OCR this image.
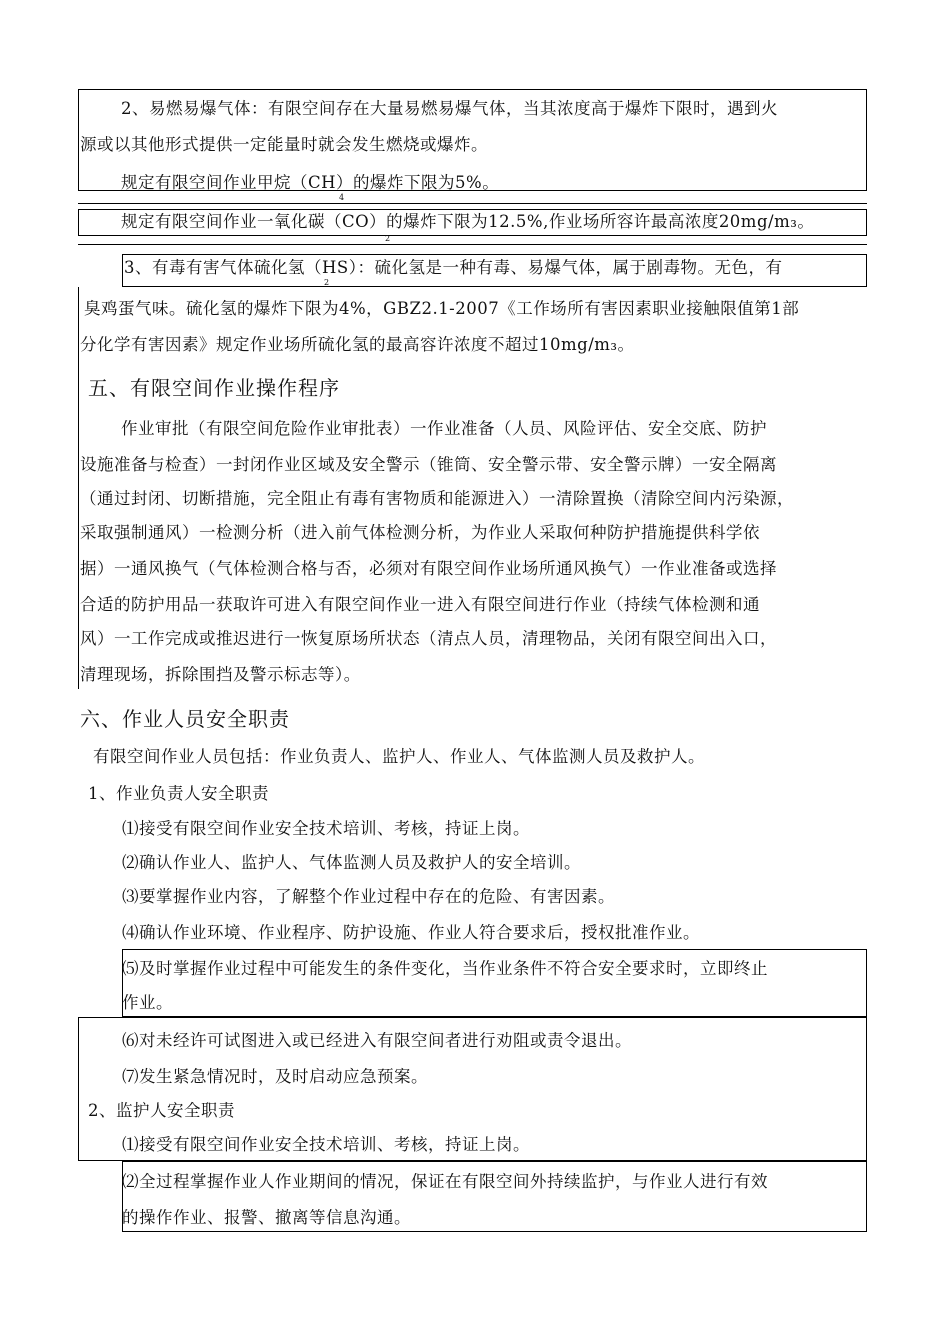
2、易燃易爆气体：有限空间存在大量易燃易爆气体，当其浓度高于爆炸下限时，遇到火
源或以其他形式提供一定能量时就会发生燃烧或爆炸。
规定有限空间作业甲烷（CH）的爆炸下限为5%。
4
规定有限空间作业一氧化碳（CO）的爆炸下限为12.5%,作业场所容许最高浓度20mg/m₃。
2
3、有毒有害气体硫化氢（HS）：硫化氢是一种有毒、易爆气体，属于剧毒物。无色，有
2
臭鸡蛋气味。硫化氢的爆炸下限为4%，GBZ2.1-2007《工作场所有害因素职业接触限值第1部
分化学有害因素》规定作业场所硫化氢的最高容许浓度不超过10mg/m₃。
五、有限空间作业操作程序
作业审批（有限空间危险作业审批表）一作业准备（人员、风险评估、安全交底、防护
设施准备与检查）一封闭作业区域及安全警示（锥筒、安全警示带、安全警示牌）一安全隔离
（通过封闭、切断措施，完全阻止有毒有害物质和能源进入）一清除置换（清除空间内污染源，
采取强制通风）一检测分析（进入前气体检测分析，为作业人采取何种防护措施提供科学依
据）一通风换气（气体检测合格与否，必须对有限空间作业场所通风换气）一作业准备或选择
合适的防护用品一获取许可进入有限空间作业一进入有限空间进行作业（持续气体检测和通
风）一工作完成或推迟进行一恢复原场所状态（清点人员，清理物品，关闭有限空间出入口，
清理现场，拆除围挡及警示标志等）。
六、作业人员安全职责
有限空间作业人员包括：作业负责人、监护人、作业人、气体监测人员及救护人。
1、作业负责人安全职责
⑴接受有限空间作业安全技术培训、考核，持证上岗。
⑵确认作业人、监护人、气体监测人员及救护人的安全培训。
⑶要掌握作业内容，了解整个作业过程中存在的危险、有害因素。
⑷确认作业环境、作业程序、防护设施、作业人符合要求后，授权批准作业。
⑸及时掌握作业过程中可能发生的条件变化，当作业条件不符合安全要求时，立即终止
作业。
⑹对未经许可试图进入或已经进入有限空间者进行劝阻或责令退出。
⑺发生紧急情况时，及时启动应急预案。
2、监护人安全职责
⑴接受有限空间作业安全技术培训、考核，持证上岗。
⑵全过程掌握作业人作业期间的情况，保证在有限空间外持续监护，与作业人进行有效
的操作作业、报警、撤离等信息沟通。
